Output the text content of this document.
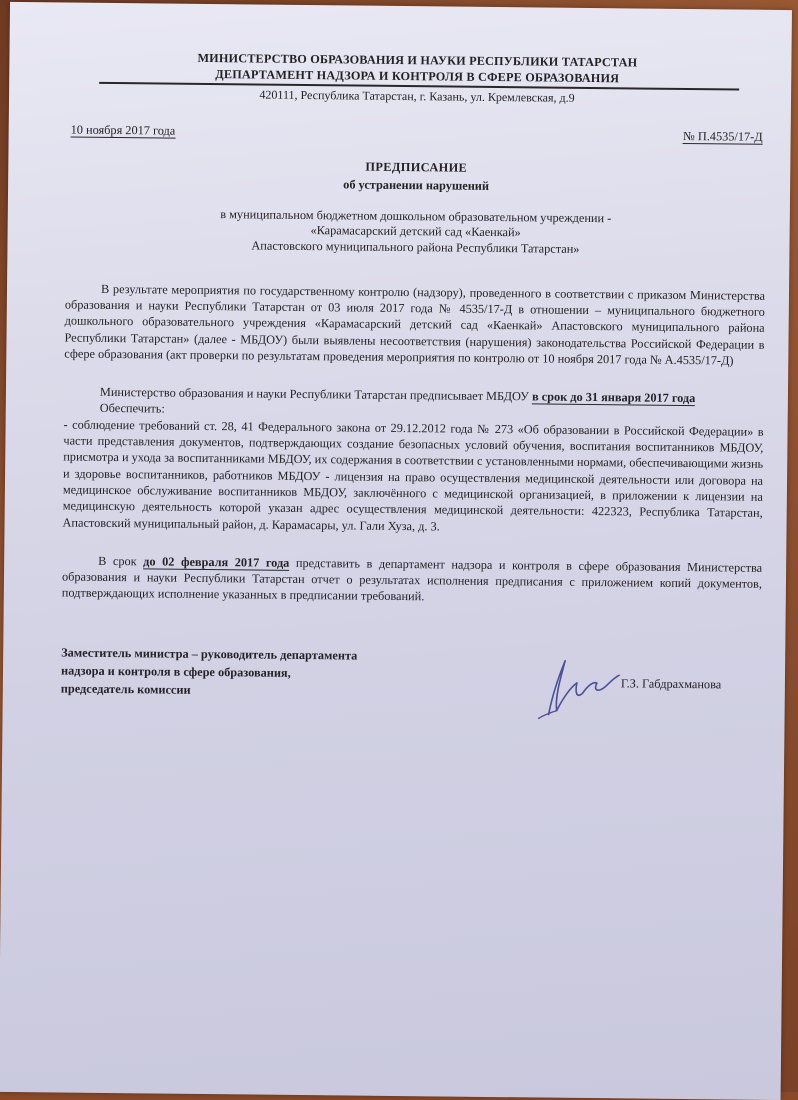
МИНИСТЕРСТВО ОБРАЗОВАНИЯ И НАУКИ РЕСПУБЛИКИ ТАТАРСТАН
ДЕПАРТАМЕНТ НАДЗОРА И КОНТРОЛЯ В СФЕРЕ ОБРАЗОВАНИЯ
420111, Республика Татарстан, г. Казань, ул. Кремлевская, д.9
10 ноября 2017 года	№ П.4535/17-Д
ПРЕДПИСАНИЕ
об устранении нарушений
в муниципальном бюджетном дошкольном образовательном учреждении -
«Карамасарский детский сад «Каенкай»
Апастовского муниципального района Республики Татарстан»

В результате мероприятия по государственному контролю (надзору), проведенного в соответствии с приказом Министерства образования и науки Республики Татарстан от 03 июля 2017 года № 4535/17-Д в отношении – муниципального бюджетного дошкольного образовательного учреждения «Карамасарский детский сад «Каенкай» Апастовского муниципального района Республики Татарстан» (далее - МБДОУ) были выявлены несоответствия (нарушения) законодательства Российской Федерации в сфере образования (акт проверки по результатам проведения мероприятия по контролю от 10 ноября 2017 года № А.4535/17-Д)

Министерство образования и науки Республики Татарстан предписывает МБДОУ в срок до 31 января 2017 года

Обеспечить:

- соблюдение требований ст. 28, 41 Федерального закона от 29.12.2012 года № 273 «Об образовании в Российской Федерации» в части представления документов, подтверждающих создание безопасных условий обучения, воспитания воспитанников МБДОУ, присмотра и ухода за воспитанниками МБДОУ, их содержания в соответствии с установленными нормами, обеспечивающими жизнь и здоровье воспитанников, работников МБДОУ - лицензия на право осуществления медицинской деятельности или договора на медицинское обслуживание воспитанников МБДОУ, заключённого с медицинской организацией, в приложении к лицензии на медицинскую деятельность которой указан адрес осуществления медицинской деятельности: 422323, Республика Татарстан, Апастовский муниципальный район, д. Карамасары, ул. Гали Хуза, д. 3.

В срок до 02 февраля 2017 года представить в департамент надзора и контроля в сфере образования Министерства образования и науки Республики Татарстан отчет о результатах исполнения предписания с приложением копий документов, подтверждающих исполнение указанных в предписании требований.

Заместитель министра – руководитель департамента
надзора и контроля в сфере образования,
председатель комиссии	Г.З. Габдрахманова
